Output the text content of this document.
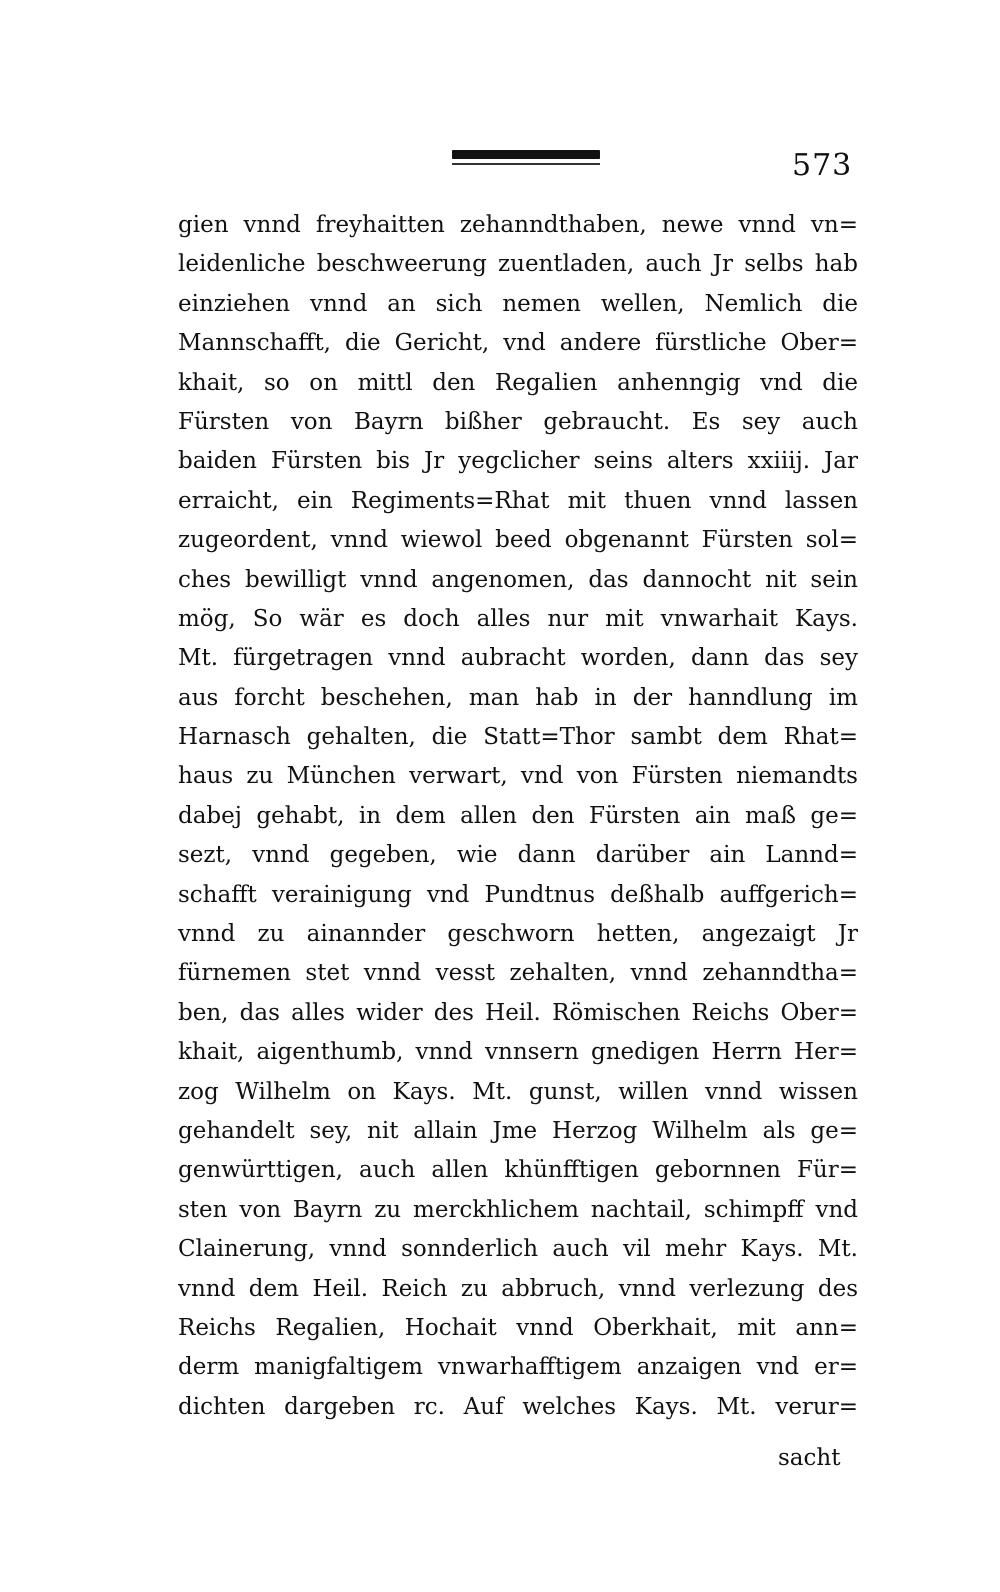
573
gien vnnd freyhaitten zehanndthaben, newe vnnd vn=
leidenliche beschweerung zuentladen, auch Jr selbs hab
einziehen vnnd an sich nemen wellen, Nemlich die
Mannschafft, die Gericht, vnd andere fürstliche Ober=
khait, so on mittl den Regalien anhenngig vnd die
Fürsten von Bayrn bißher gebraucht. Es sey auch
baiden Fürsten bis Jr yegclicher seins alters xxiiij. Jar
erraicht, ein Regiments=Rhat mit thuen vnnd lassen
zugeordent, vnnd wiewol beed obgenannt Fürsten sol=
ches bewilligt vnnd angenomen, das dannocht nit sein
mög, So wär es doch alles nur mit vnwarhait Kays.
Mt. fürgetragen vnnd aubracht worden, dann das sey
aus forcht beschehen, man hab in der hanndlung im
Harnasch gehalten, die Statt=Thor sambt dem Rhat=
haus zu München verwart, vnd von Fürsten niemandts
dabej gehabt, in dem allen den Fürsten ain maß ge=
sezt, vnnd gegeben, wie dann darüber ain Lannd=
schafft verainigung vnd Pundtnus deßhalb auffgerich=
vnnd zu ainannder geschworn hetten, angezaigt Jr
fürnemen stet vnnd vesst zehalten, vnnd zehanndtha=
ben, das alles wider des Heil. Römischen Reichs Ober=
khait, aigenthumb, vnnd vnnsern gnedigen Herrn Her=
zog Wilhelm on Kays. Mt. gunst, willen vnnd wissen
gehandelt sey, nit allain Jme Herzog Wilhelm als ge=
genwürttigen, auch allen khünfftigen gebornnen Für=
sten von Bayrn zu merckhlichem nachtail, schimpff vnd
Clainerung, vnnd sonnderlich auch vil mehr Kays. Mt.
vnnd dem Heil. Reich zu abbruch, vnnd verlezung des
Reichs Regalien, Hochait vnnd Oberkhait, mit ann=
derm manigfaltigem vnwarhafftigem anzaigen vnd er=
dichten dargeben rc. Auf welches Kays. Mt. verur=
sacht
